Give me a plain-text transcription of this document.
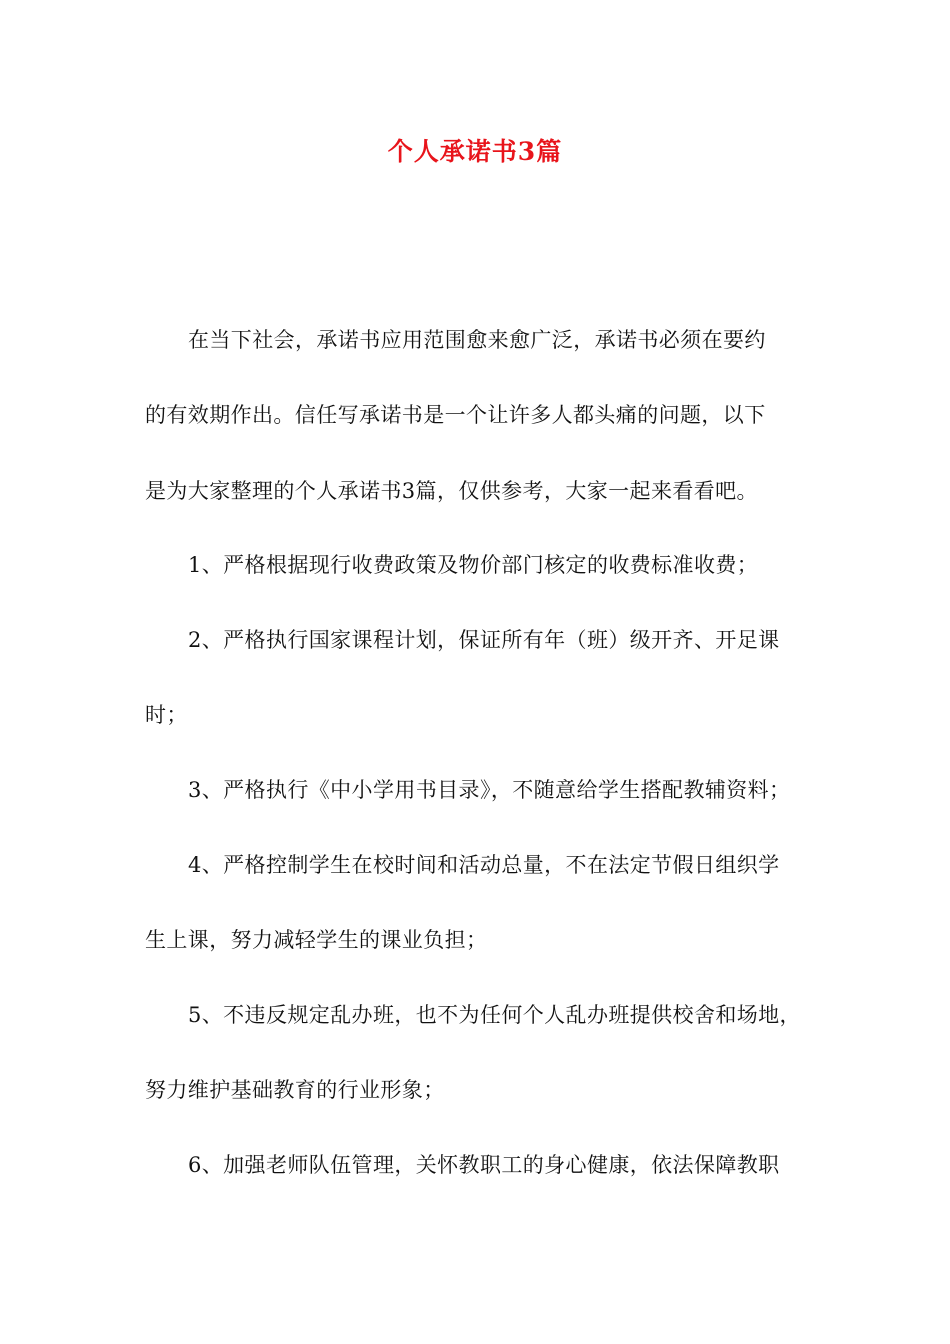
个人承诺书3篇
在当下社会，承诺书应用范围愈来愈广泛，承诺书必须在要约
的有效期作出。信任写承诺书是一个让许多人都头痛的问题，以下
是为大家整理的个人承诺书3篇，仅供参考，大家一起来看看吧。
1、严格根据现行收费政策及物价部门核定的收费标准收费；
2、严格执行国家课程计划，保证所有年（班）级开齐、开足课
时；
3、严格执行《中小学用书目录》，不随意给学生搭配教辅资料；
4、严格控制学生在校时间和活动总量，不在法定节假日组织学
生上课，努力减轻学生的课业负担；
5、不违反规定乱办班，也不为任何个人乱办班提供校舍和场地，
努力维护基础教育的行业形象；
6、加强老师队伍管理，关怀教职工的身心健康，依法保障教职
